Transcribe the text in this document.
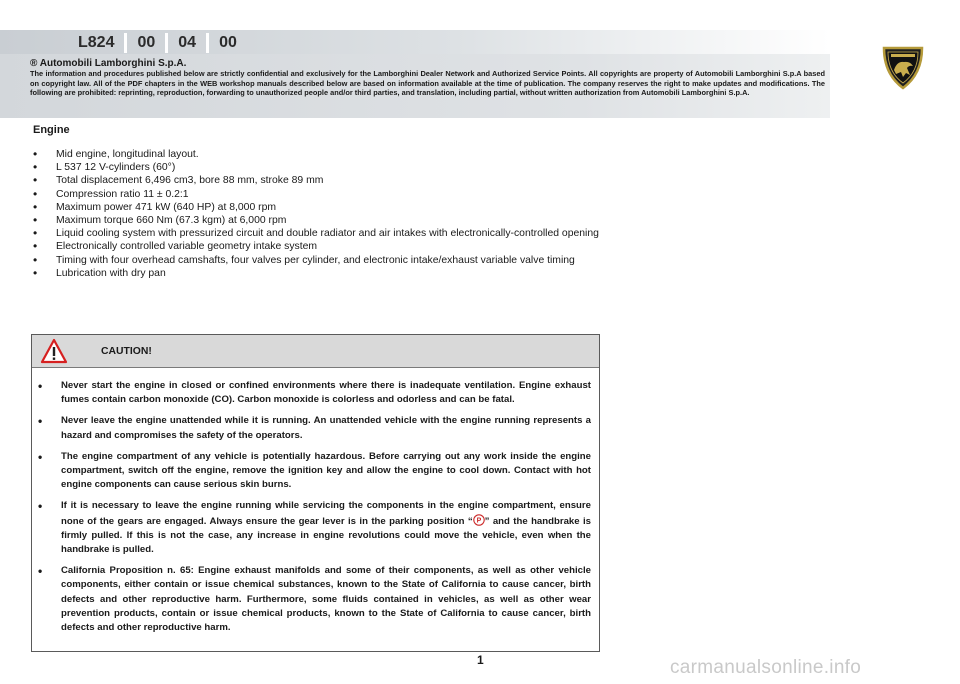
L824	00	04	00
® Automobili Lamborghini S.p.A.
The information and procedures published below are strictly confidential and exclusively for the Lamborghini Dealer Network and Authorized Service Points. All copyrights are property of Automobili Lamborghini S.p.A based on copyright law. All of the PDF chapters in the WEB workshop manuals described below are based on information available at the time of publication. The company reserves the right to make updates and modifications. The following are prohibited: reprinting, reproduction, forwarding to unauthorized people and/or third parties, and translation, including partial, without written authorization from Automobili Lamborghini S.p.A.
Engine
• Mid engine, longitudinal layout.
• L 537 12 V-cylinders (60°)
• Total displacement 6,496 cm3, bore 88 mm, stroke 89 mm
• Compression ratio 11 ± 0.2:1
• Maximum power 471 kW (640 HP) at 8,000 rpm
• Maximum torque 660 Nm (67.3 kgm) at 6,000 rpm
• Liquid cooling system with pressurized circuit and double radiator and air intakes with electronically-controlled opening
• Electronically controlled variable geometry intake system
• Timing with four overhead camshafts, four valves per cylinder, and electronic intake/exhaust variable valve timing
• Lubrication with dry pan
CAUTION!
• Never start the engine in closed or confined environments where there is inadequate ventilation. Engine exhaust fumes contain carbon monoxide (CO). Carbon monoxide is colorless and odorless and can be fatal.
• Never leave the engine unattended while it is running. An unattended vehicle with the engine running represents a hazard and compromises the safety of the operators.
• The engine compartment of any vehicle is potentially hazardous. Before carrying out any work inside the engine compartment, switch off the engine, remove the ignition key and allow the engine to cool down. Contact with hot engine components can cause serious skin burns.
• If it is necessary to leave the engine running while servicing the components in the engine compartment, ensure none of the gears are engaged. Always ensure the gear lever is in the parking position “ P ” and the handbrake is firmly pulled. If this is not the case, any increase in engine revolutions could move the vehicle, even when the handbrake is pulled.
• California Proposition n. 65: Engine exhaust manifolds and some of their components, as well as other vehicle components, either contain or issue chemical substances, known to the State of California to cause cancer, birth defects and other reproductive harm. Furthermore, some fluids contained in vehicles, as well as other wear prevention products, contain or issue chemical products, known to the State of California to cause cancer, birth defects and other reproductive harm.
1	carmanualsonline.info
